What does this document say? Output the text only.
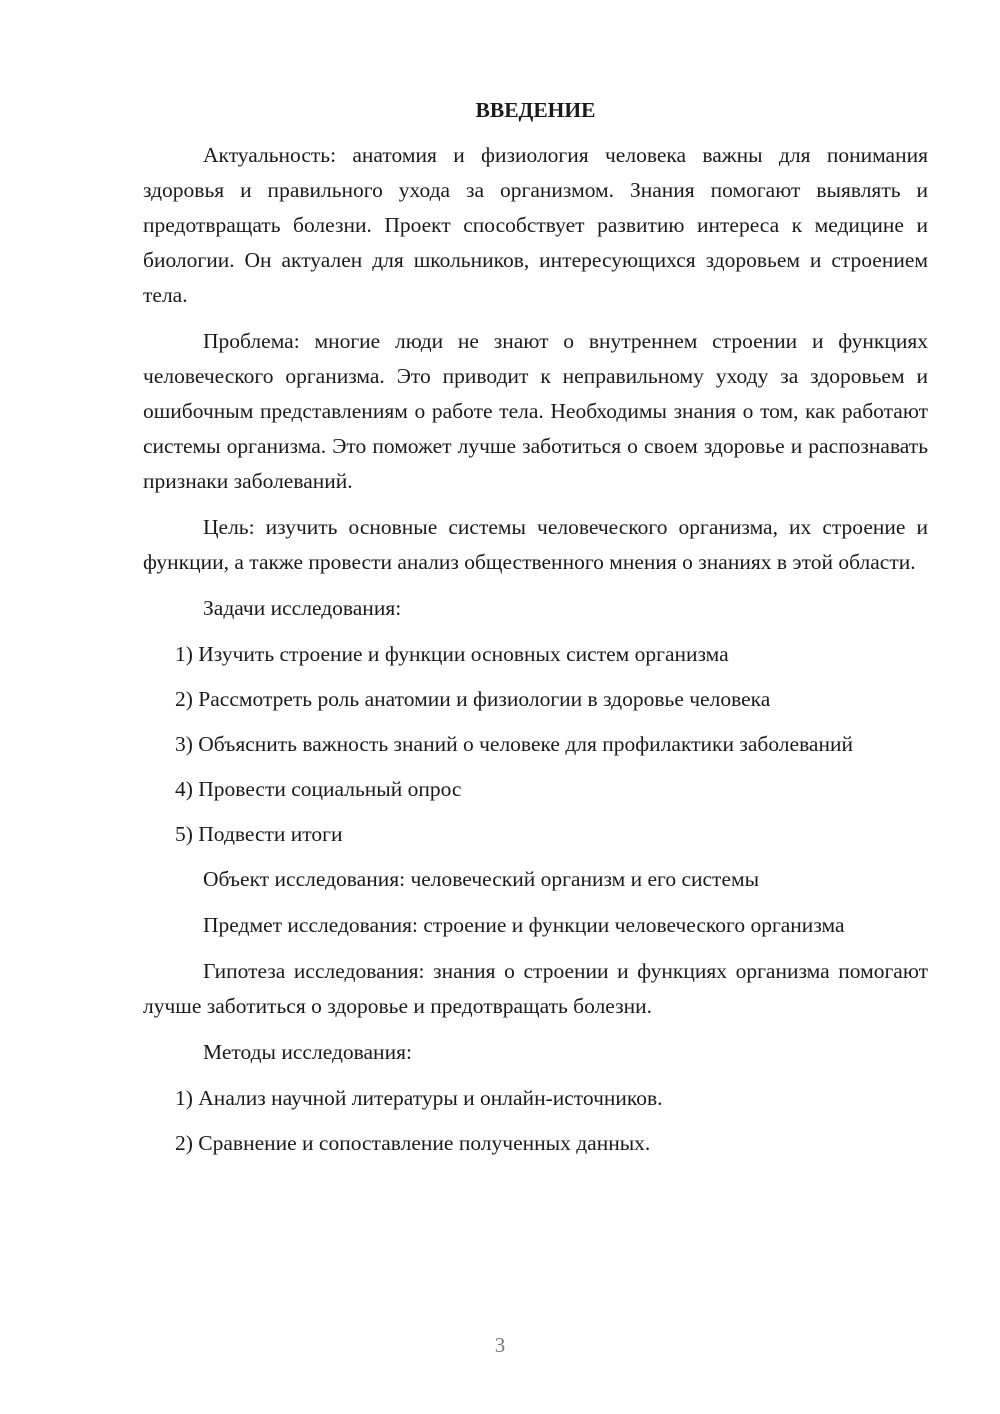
ВВЕДЕНИЕ

Актуальность: анатомия и физиология человека важны для понимания здоровья и правильного ухода за организмом. Знания помогают выявлять и предотвращать болезни. Проект способствует развитию интереса к медицине и биологии. Он актуален для школьников, интересующихся здоровьем и строением тела.

Проблема: многие люди не знают о внутреннем строении и функциях человеческого организма. Это приводит к неправильному уходу за здоровьем и ошибочным представлениям о работе тела. Необходимы знания о том, как работают системы организма. Это поможет лучше заботиться о своем здоровье и распознавать признаки заболеваний.

Цель: изучить основные системы человеческого организма, их строение и функции, а также провести анализ общественного мнения о знаниях в этой области.

Задачи исследования:

1) Изучить строение и функции основных систем организма

2) Рассмотреть роль анатомии и физиологии в здоровье человека

3) Объяснить важность знаний о человеке для профилактики заболеваний

4) Провести социальный опрос

5) Подвести итоги

Объект исследования: человеческий организм и его системы

Предмет исследования: строение и функции человеческого организма

Гипотеза исследования: знания о строении и функциях организма помогают лучше заботиться о здоровье и предотвращать болезни.

Методы исследования:

1) Анализ научной литературы и онлайн-источников.

2) Сравнение и сопоставление полученных данных.

3
